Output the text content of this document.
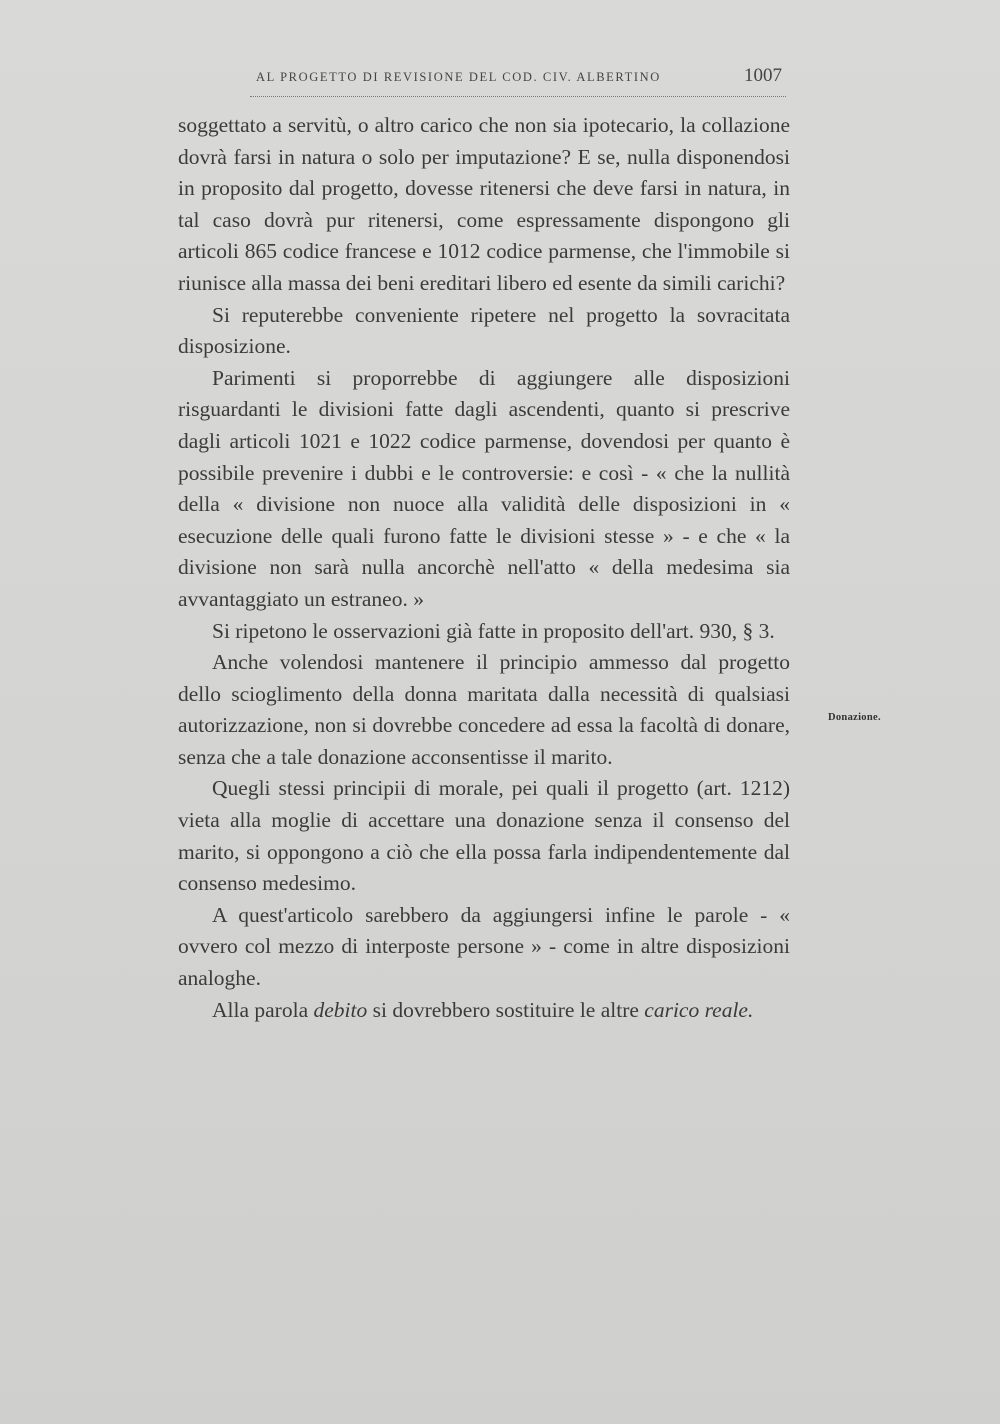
AL PROGETTO DI REVISIONE DEL COD. CIV. ALBERTINO	1007

soggettato a servitù, o altro carico che non sia ipotecario, la collazione dovrà farsi in natura o solo per imputazione? E se, nulla disponendosi in proposito dal progetto, dovesse ritenersi che deve farsi in natura, in tal caso dovrà pur ritenersi, come espressamente dispongono gli articoli 865 codice francese e 1012 codice parmense, che l'immobile si riunisce alla massa dei beni ereditari libero ed esente da simili carichi?

Si reputerebbe conveniente ripetere nel progetto la sovracitata disposizione.

Parimenti si proporrebbe di aggiungere alle disposizioni risguardanti le divisioni fatte dagli ascendenti, quanto si prescrive dagli articoli 1021 e 1022 codice parmense, dovendosi per quanto è possibile prevenire i dubbi e le controversie: e così - « che la nullità della « divisione non nuoce alla validità delle disposizioni in « esecuzione delle quali furono fatte le divisioni stesse » - e che « la divisione non sarà nulla ancorchè nell'atto « della medesima sia avvantaggiato un estraneo. »

Si ripetono le osservazioni già fatte in proposito dell'art. 930, § 3.

Anche volendosi mantenere il principio ammesso dal progetto dello scioglimento della donna maritata dalla necessità di qualsiasi autorizzazione, non si dovrebbe concedere ad essa la facoltà di donare, senza che a tale donazione acconsentisse il marito.

Quegli stessi principii di morale, pei quali il progetto (art. 1212) vieta alla moglie di accettare una donazione senza il consenso del marito, si oppongono a ciò che ella possa farla indipendentemente dal consenso medesimo.

A quest'articolo sarebbero da aggiungersi infine le parole - « ovvero col mezzo di interposte persone » - come in altre disposizioni analoghe.

Alla parola debito si dovrebbero sostituire le altre carico reale.

Donazione.
